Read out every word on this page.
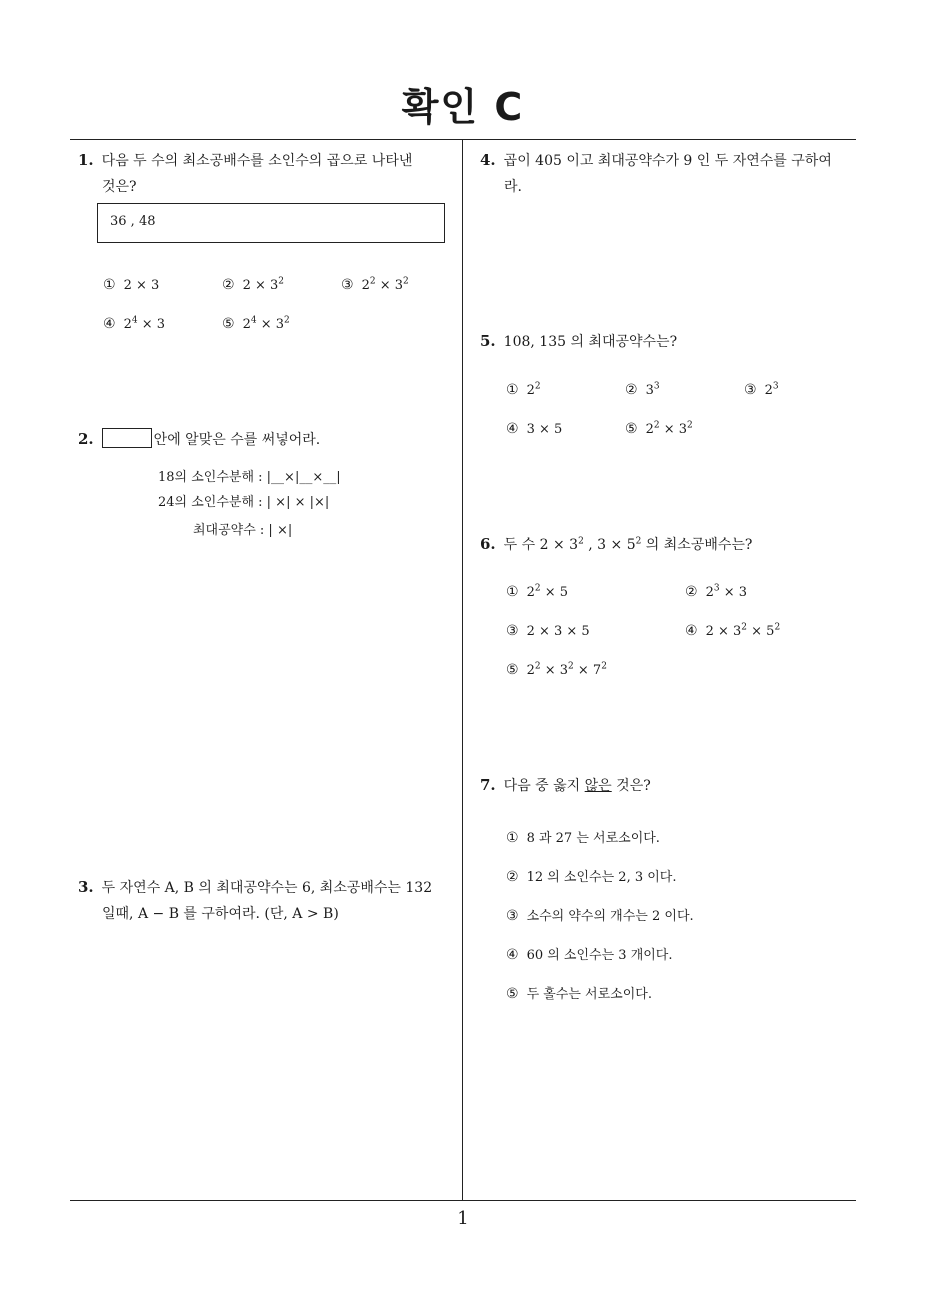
확인 C
1
1. 다음 두 수의 최소공배수를 소인수의 곱으로 나타낸
것은?
36 , 48
① 2 × 3	② $2 \times 3^2$	③ $2^2 \times 3^2$
④ $2^4 \times 3$	⑤ $2^4 \times 3^2$
2.	안에 알맞은 수를 써넣어라.
18의 소인수분해 : |__×|__×__|
24의 소인수분해 : | ×| × |×|
최대공약수 : | ×|
3. 두 자연수 A, B 의 최대공약수는 6, 최소공배수는 132
일때, A − B 를 구하여라. (단, A > B)
4. 곱이 405 이고 최대공약수가 9 인 두 자연수를 구하여
라.
5. 108, 135 의 최대공약수는?
① $2^2$	② $3^3$	③ $2^3$
④ 3 × 5	⑤ $2^2 \times 3^2$
6. 두 수 $2 \times 3^2$ , $3 \times 5^2$ 의 최소공배수는?
① $2^2 \times 5$	② $2^3 \times 3$
③ 2 × 3 × 5	④ $2 \times 3^2 \times 5^2$
⑤ $2^2 \times 3^2 \times 7^2$
7. 다음 중 옳지 않은 것은?
① 8 과 27 는 서로소이다.
② 12 의 소인수는 2, 3 이다.
③ 소수의 약수의 개수는 2 이다.
④ 60 의 소인수는 3 개이다.
⑤ 두 홀수는 서로소이다.
